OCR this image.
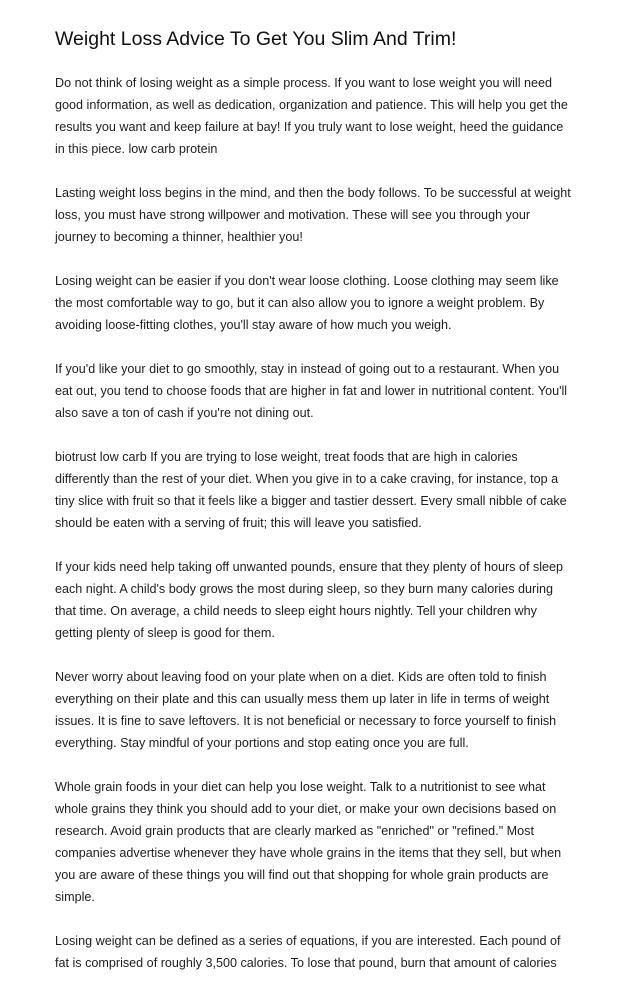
Weight Loss Advice To Get You Slim And Trim!

Do not think of losing weight as a simple process. If you want to lose weight you will need
good information, as well as dedication, organization and patience. This will help you get the
results you want and keep failure at bay! If you truly want to lose weight, heed the guidance
in this piece. low carb protein

Lasting weight loss begins in the mind, and then the body follows. To be successful at weight
loss, you must have strong willpower and motivation. These will see you through your
journey to becoming a thinner, healthier you!

Losing weight can be easier if you don't wear loose clothing. Loose clothing may seem like
the most comfortable way to go, but it can also allow you to ignore a weight problem. By
avoiding loose-fitting clothes, you'll stay aware of how much you weigh.

If you'd like your diet to go smoothly, stay in instead of going out to a restaurant. When you
eat out, you tend to choose foods that are higher in fat and lower in nutritional content. You'll
also save a ton of cash if you're not dining out.

biotrust low carb If you are trying to lose weight, treat foods that are high in calories
differently than the rest of your diet. When you give in to a cake craving, for instance, top a
tiny slice with fruit so that it feels like a bigger and tastier dessert. Every small nibble of cake
should be eaten with a serving of fruit; this will leave you satisfied.

If your kids need help taking off unwanted pounds, ensure that they plenty of hours of sleep
each night. A child's body grows the most during sleep, so they burn many calories during
that time. On average, a child needs to sleep eight hours nightly. Tell your children why
getting plenty of sleep is good for them.

Never worry about leaving food on your plate when on a diet. Kids are often told to finish
everything on their plate and this can usually mess them up later in life in terms of weight
issues. It is fine to save leftovers. It is not beneficial or necessary to force yourself to finish
everything. Stay mindful of your portions and stop eating once you are full.

Whole grain foods in your diet can help you lose weight. Talk to a nutritionist to see what
whole grains they think you should add to your diet, or make your own decisions based on
research. Avoid grain products that are clearly marked as "enriched" or "refined." Most
companies advertise whenever they have whole grains in the items that they sell, but when
you are aware of these things you will find out that shopping for whole grain products are
simple.

Losing weight can be defined as a series of equations, if you are interested. Each pound of
fat is comprised of roughly 3,500 calories. To lose that pound, burn that amount of calories
